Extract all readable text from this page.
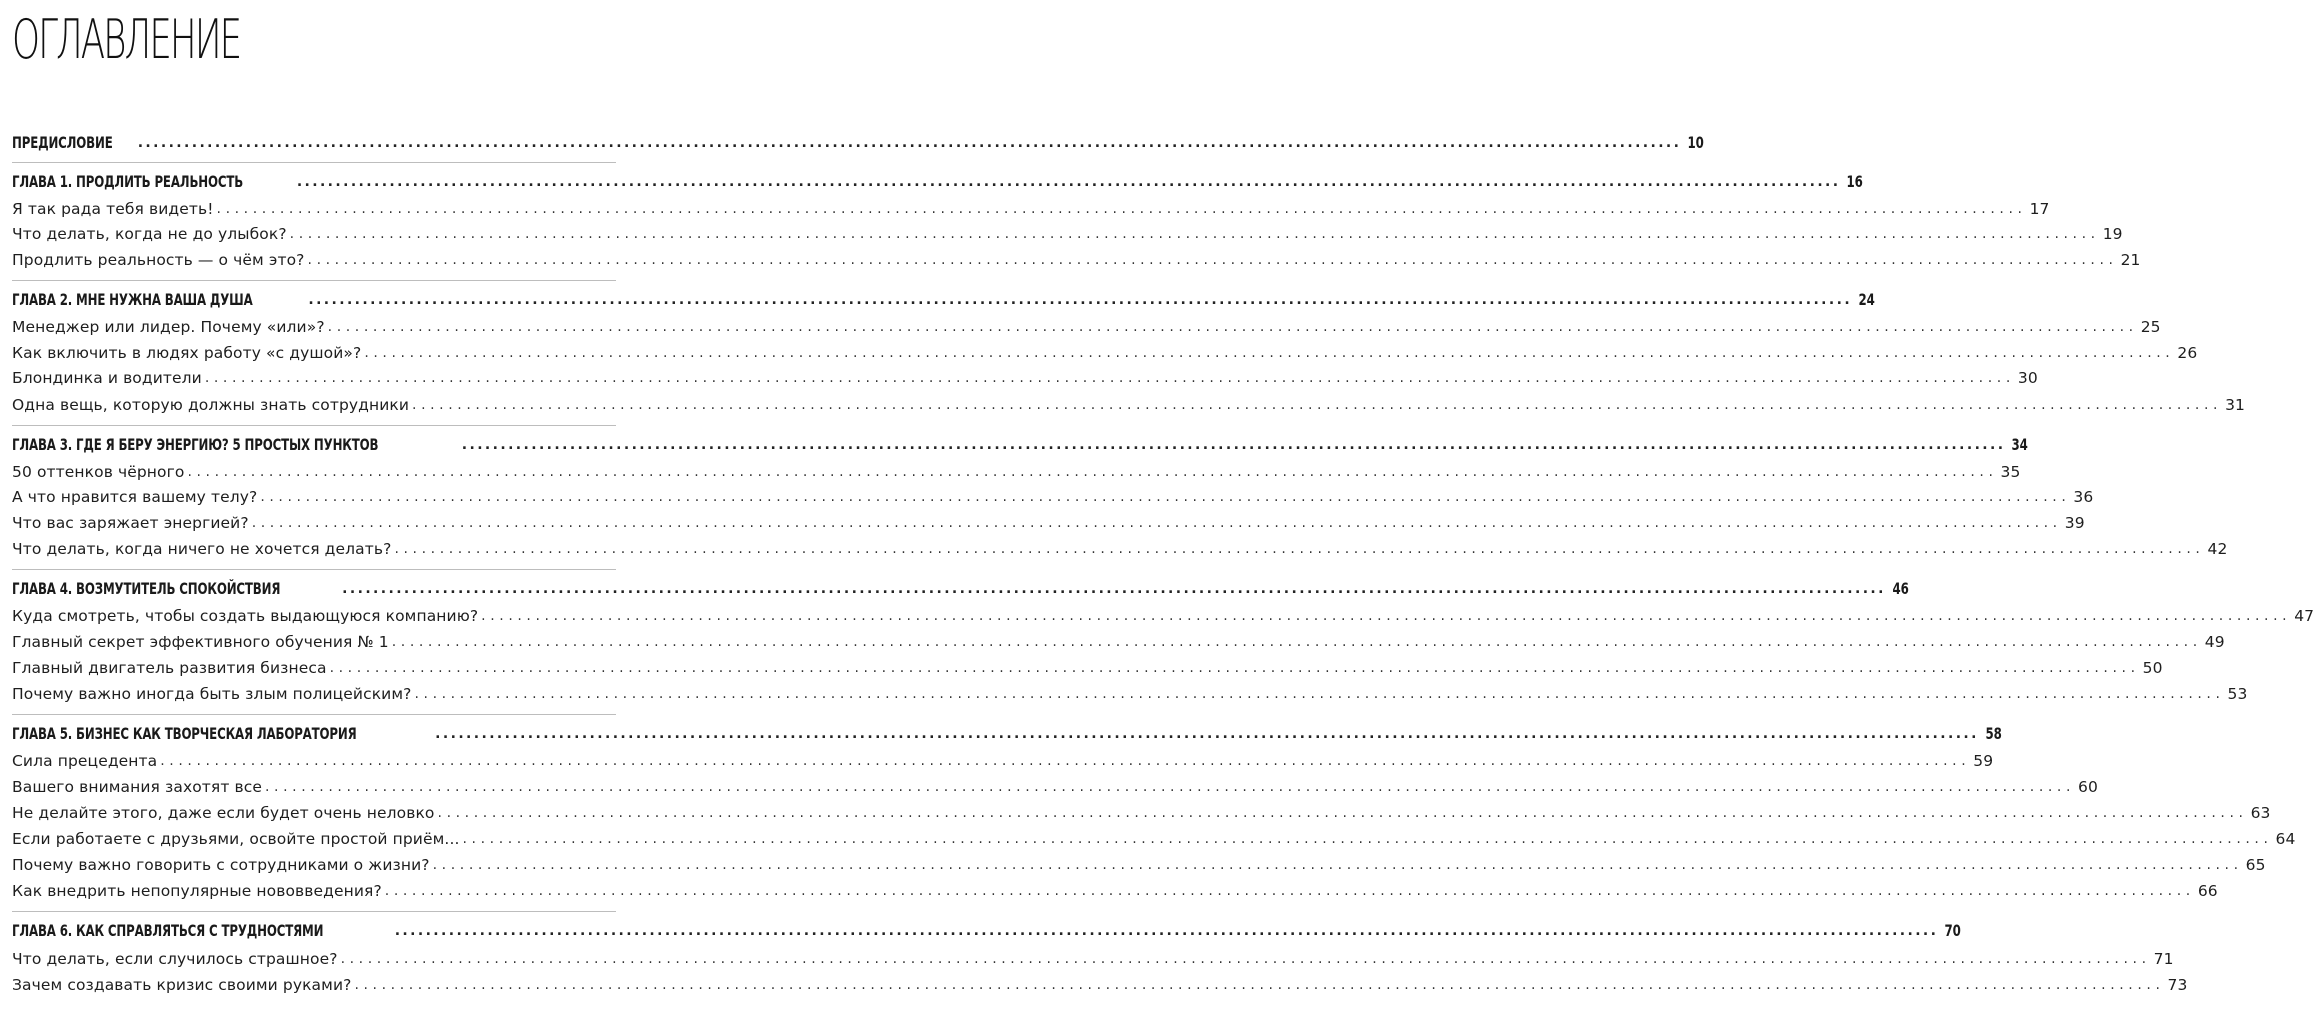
ОГЛАВЛЕНИЕ
ПРЕДИСЛОВИЕ ........................................................................................................................................................................................................ 10
ГЛАВА 1. ПРОДЛИТЬ РЕАЛЬНОСТЬ	........................................................................................................................................................................................................ 16
Я так рада тебя видеть! ........................................................................................................................................................................................................ 17
Что делать, когда не до улыбок? ........................................................................................................................................................................................................ 19
Продлить реальность — о чём это? ........................................................................................................................................................................................................ 21
ГЛАВА 2. МНЕ НУЖНА ВАША ДУША	........................................................................................................................................................................................................ 24
Менеджер или лидер. Почему «или»? ........................................................................................................................................................................................................ 25
Как включить в людях работу «с душой»? ........................................................................................................................................................................................................ 26
Блондинка и водители ........................................................................................................................................................................................................ 30
Одна вещь, которую должны знать сотрудники ........................................................................................................................................................................................................ 31
ГЛАВА 3. ГДЕ Я БЕРУ ЭНЕРГИЮ? 5 ПРОСТЫХ ПУНКТОВ	........................................................................................................................................................................................................ 34
50 оттенков чёрного ........................................................................................................................................................................................................ 35
А что нравится вашему телу? ........................................................................................................................................................................................................ 36
Что вас заряжает энергией? ........................................................................................................................................................................................................ 39
Что делать, когда ничего не хочется делать? ........................................................................................................................................................................................................ 42
ГЛАВА 4. ВОЗМУТИТЕЛЬ СПОКОЙСТВИЯ	........................................................................................................................................................................................................ 46
Куда смотреть, чтобы создать выдающуюся компанию? ........................................................................................................................................................................................................ 47
Главный секрет эффективного обучения № 1 ........................................................................................................................................................................................................ 49
Главный двигатель развития бизнеса ........................................................................................................................................................................................................ 50
Почему важно иногда быть злым полицейским? ........................................................................................................................................................................................................ 53
ГЛАВА 5. БИЗНЕС КАК ТВОРЧЕСКАЯ ЛАБОРАТОРИЯ	........................................................................................................................................................................................................ 58
Сила прецедента ........................................................................................................................................................................................................ 59
Вашего внимания захотят все ........................................................................................................................................................................................................ 60
Не делайте этого, даже если будет очень неловко ........................................................................................................................................................................................................ 63
Если работаете с друзьями, освойте простой приём... ........................................................................................................................................................................................................ 64
Почему важно говорить с сотрудниками о жизни? ........................................................................................................................................................................................................ 65
Как внедрить непопулярные нововведения? ........................................................................................................................................................................................................ 66
ГЛАВА 6. КАК СПРАВЛЯТЬСЯ С ТРУДНОСТЯМИ	........................................................................................................................................................................................................ 70
Что делать, если случилось страшное? ........................................................................................................................................................................................................ 71
Зачем создавать кризис своими руками? ........................................................................................................................................................................................................ 73
